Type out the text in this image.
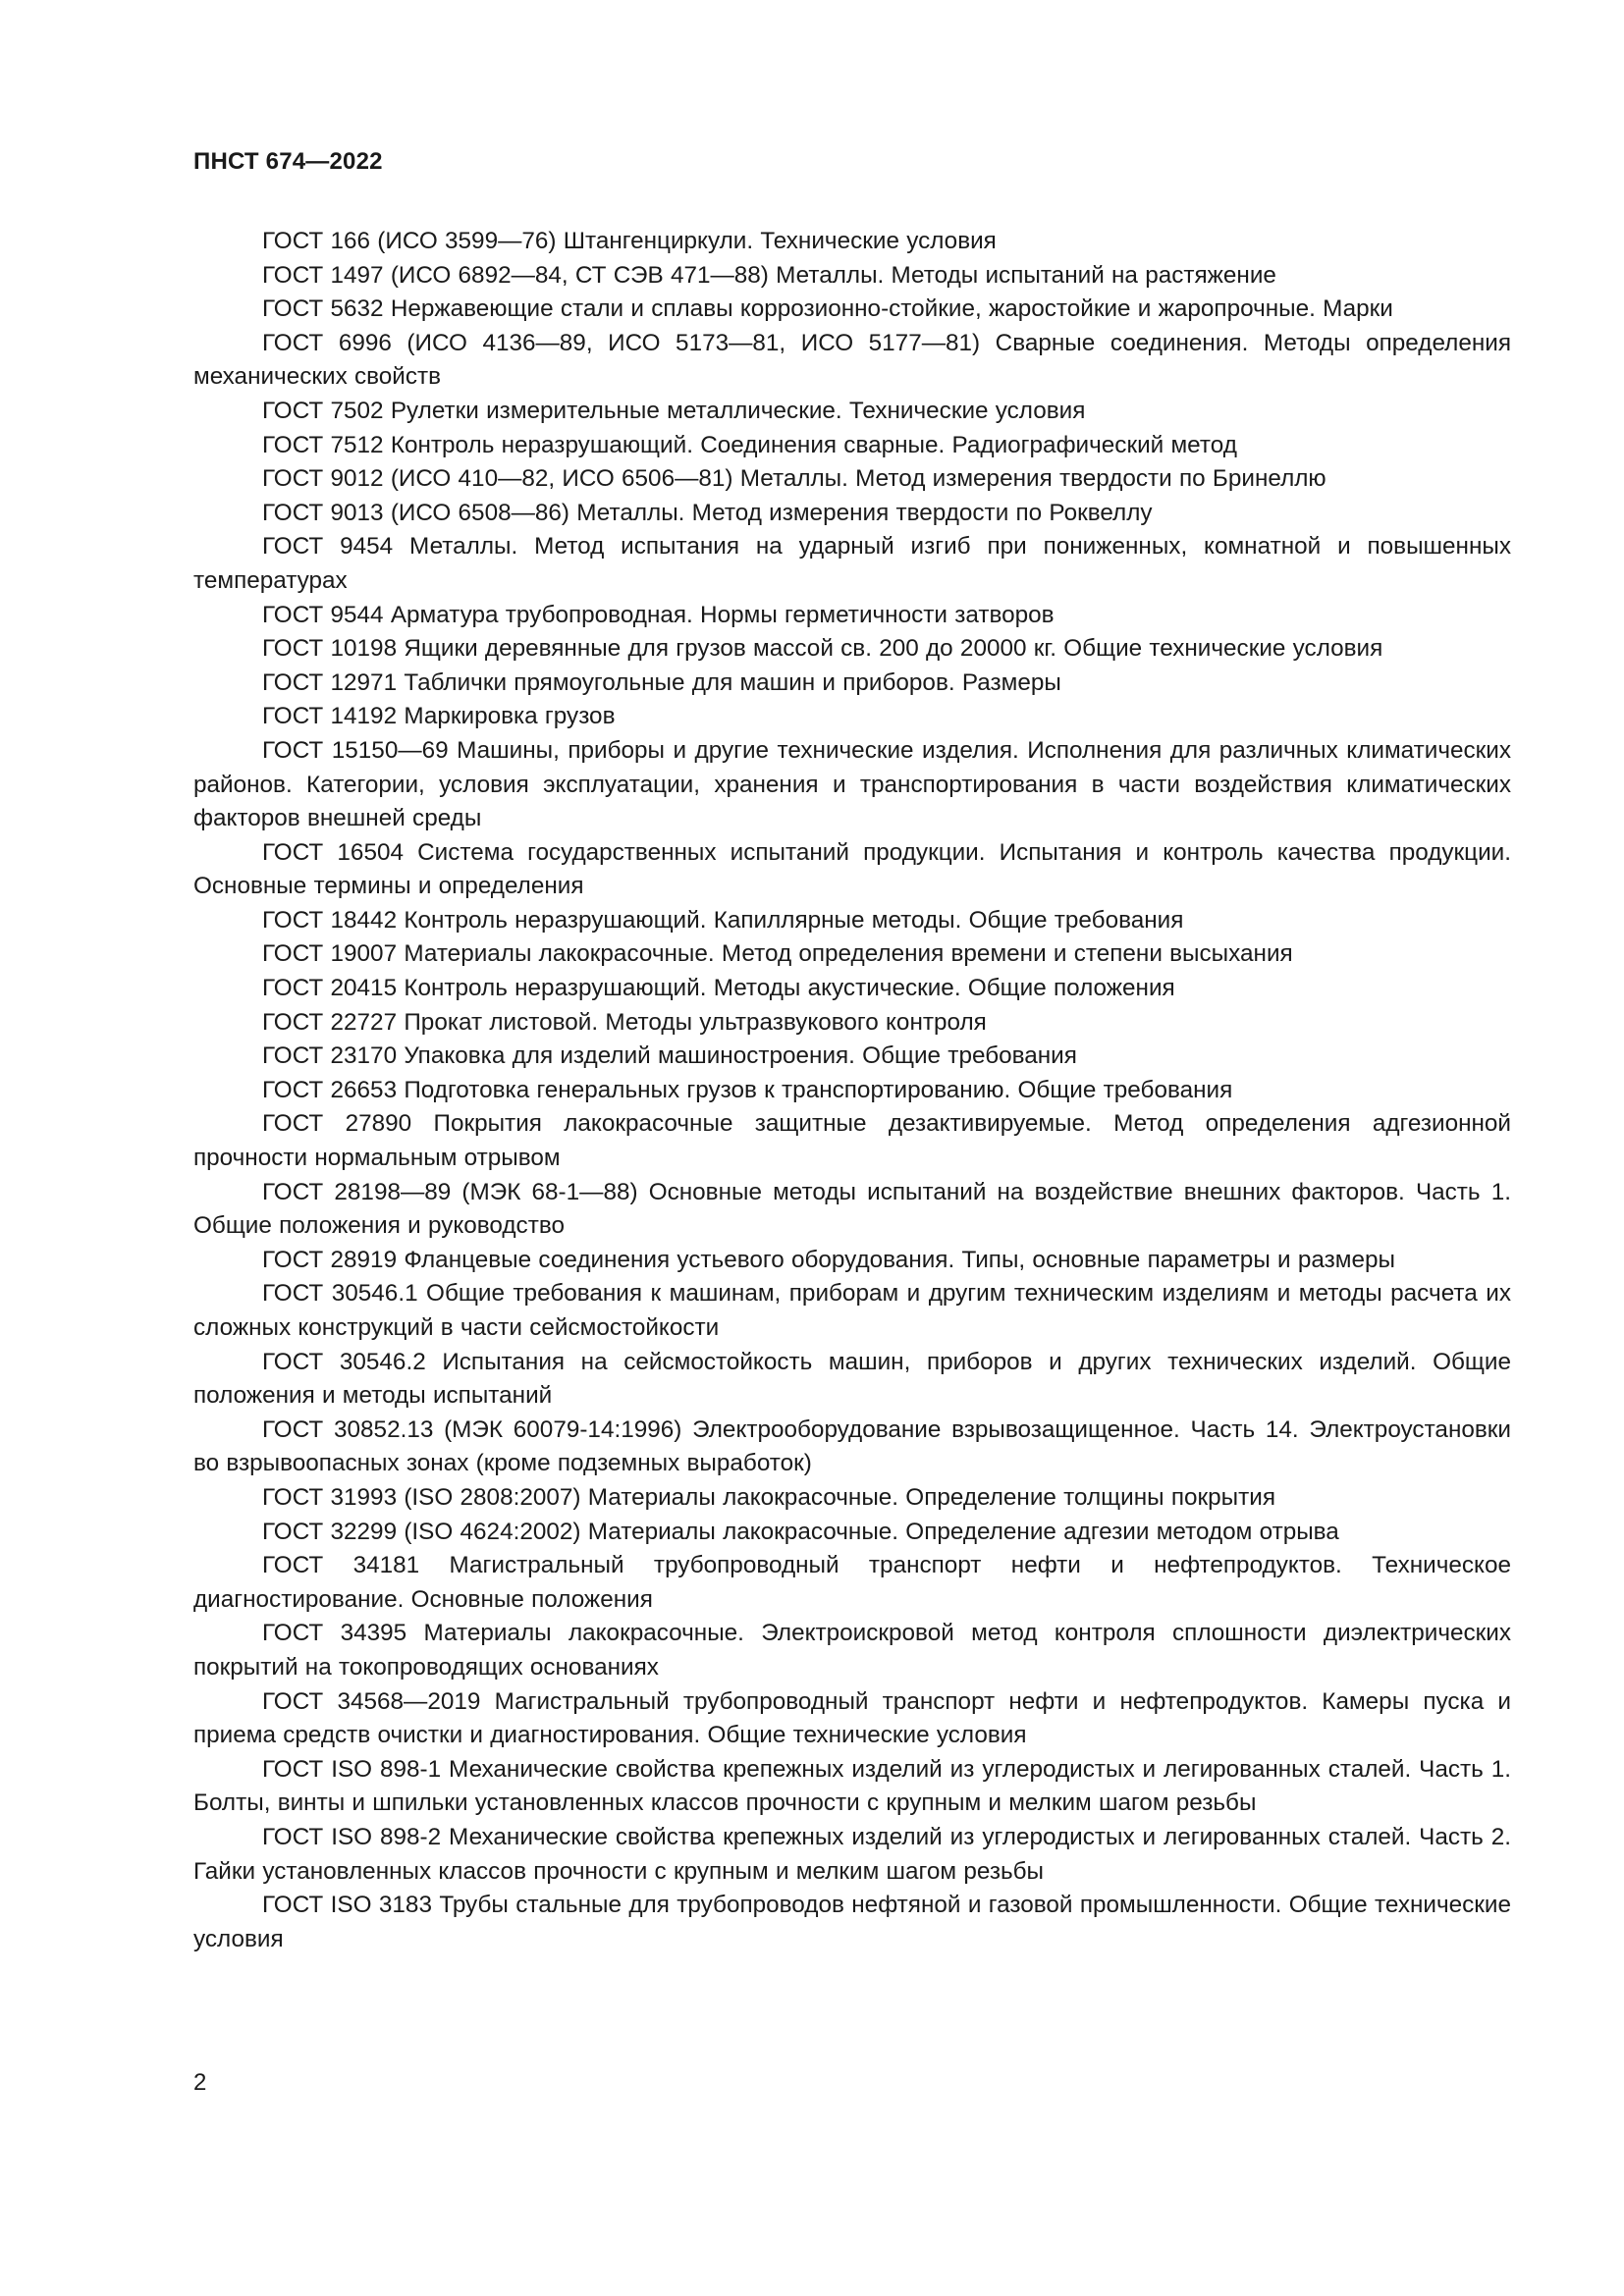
ПНСТ 674—2022

ГОСТ 166 (ИСО 3599—76) Штангенциркули. Технические условия

ГОСТ 1497 (ИСО 6892—84, СТ СЭВ 471—88) Металлы. Методы испытаний на растяжение

ГОСТ 5632 Нержавеющие стали и сплавы коррозионно-стойкие, жаростойкие и жаропрочные. Марки

ГОСТ 6996 (ИСО 4136—89, ИСО 5173—81, ИСО 5177—81) Сварные соединения. Методы определения механических свойств

ГОСТ 7502 Рулетки измерительные металлические. Технические условия

ГОСТ 7512 Контроль неразрушающий. Соединения сварные. Радиографический метод

ГОСТ 9012 (ИСО 410—82, ИСО 6506—81) Металлы. Метод измерения твердости по Бринеллю

ГОСТ 9013 (ИСО 6508—86) Металлы. Метод измерения твердости по Роквеллу

ГОСТ 9454 Металлы. Метод испытания на ударный изгиб при пониженных, комнатной и повышенных температурах

ГОСТ 9544 Арматура трубопроводная. Нормы герметичности затворов

ГОСТ 10198 Ящики деревянные для грузов массой св. 200 до 20000 кг. Общие технические условия

ГОСТ 12971 Таблички прямоугольные для машин и приборов. Размеры

ГОСТ 14192 Маркировка грузов

ГОСТ 15150—69 Машины, приборы и другие технические изделия. Исполнения для различных климатических районов. Категории, условия эксплуатации, хранения и транспортирования в части воздействия климатических факторов внешней среды

ГОСТ 16504 Система государственных испытаний продукции. Испытания и контроль качества продукции. Основные термины и определения

ГОСТ 18442 Контроль неразрушающий. Капиллярные методы. Общие требования

ГОСТ 19007 Материалы лакокрасочные. Метод определения времени и степени высыхания

ГОСТ 20415 Контроль неразрушающий. Методы акустические. Общие положения

ГОСТ 22727 Прокат листовой. Методы ультразвукового контроля

ГОСТ 23170 Упаковка для изделий машиностроения. Общие требования

ГОСТ 26653 Подготовка генеральных грузов к транспортированию. Общие требования

ГОСТ 27890 Покрытия лакокрасочные защитные дезактивируемые. Метод определения адгезионной прочности нормальным отрывом

ГОСТ 28198—89 (МЭК 68-1—88) Основные методы испытаний на воздействие внешних факторов. Часть 1. Общие положения и руководство

ГОСТ 28919 Фланцевые соединения устьевого оборудования. Типы, основные параметры и размеры

ГОСТ 30546.1 Общие требования к машинам, приборам и другим техническим изделиям и методы расчета их сложных конструкций в части сейсмостойкости

ГОСТ 30546.2 Испытания на сейсмостойкость машин, приборов и других технических изделий. Общие положения и методы испытаний

ГОСТ 30852.13 (МЭК 60079-14:1996) Электрооборудование взрывозащищенное. Часть 14. Электроустановки во взрывоопасных зонах (кроме подземных выработок)

ГОСТ 31993 (ISO 2808:2007) Материалы лакокрасочные. Определение толщины покрытия

ГОСТ 32299 (ISO 4624:2002) Материалы лакокрасочные. Определение адгезии методом отрыва

ГОСТ 34181 Магистральный трубопроводный транспорт нефти и нефтепродуктов. Техническое диагностирование. Основные положения

ГОСТ 34395 Материалы лакокрасочные. Электроискровой метод контроля сплошности диэлектрических покрытий на токопроводящих основаниях

ГОСТ 34568—2019 Магистральный трубопроводный транспорт нефти и нефтепродуктов. Камеры пуска и приема средств очистки и диагностирования. Общие технические условия

ГОСТ ISO 898-1 Механические свойства крепежных изделий из углеродистых и легированных сталей. Часть 1. Болты, винты и шпильки установленных классов прочности с крупным и мелким шагом резьбы

ГОСТ ISO 898-2 Механические свойства крепежных изделий из углеродистых и легированных сталей. Часть 2. Гайки установленных классов прочности с крупным и мелким шагом резьбы

ГОСТ ISO 3183 Трубы стальные для трубопроводов нефтяной и газовой промышленности. Общие технические условия

2
